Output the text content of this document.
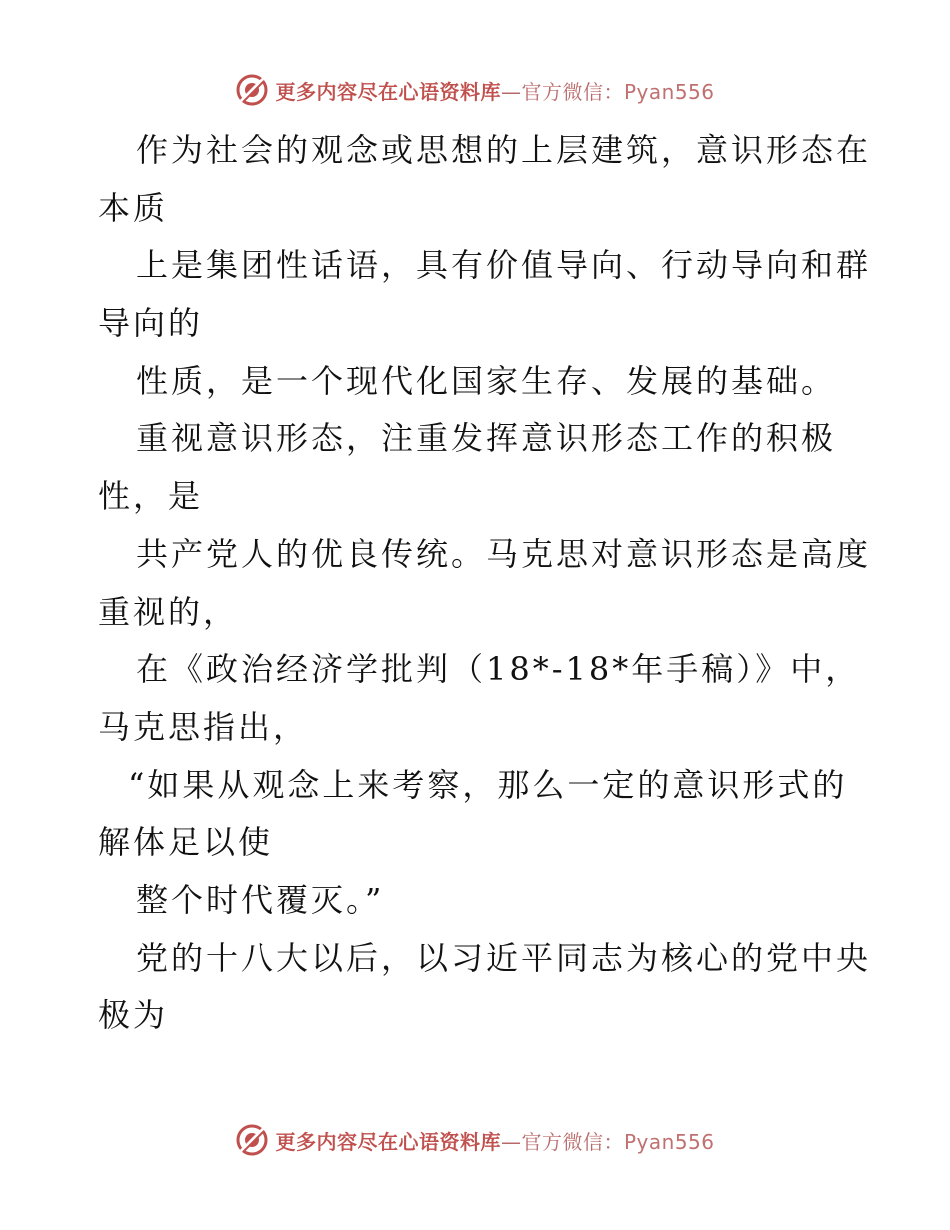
更多内容尽在心语资料库—官方微信：Pyan556
作为社会的观念或思想的上层建筑，意识形态在
本质
上是集团性话语，具有价值导向、行动导向和群
导向的
性质，是一个现代化国家生存、发展的基础。
重视意识形态，注重发挥意识形态工作的积极
性，是
共产党人的优良传统。马克思对意识形态是高度
重视的，
在《政治经济学批判（18*-18*年手稿）》中，
马克思指出，
“如果从观念上来考察，那么一定的意识形式的
解体足以使
整个时代覆灭。”
党的十八大以后，以习近平同志为核心的党中央
极为
更多内容尽在心语资料库—官方微信：Pyan556
